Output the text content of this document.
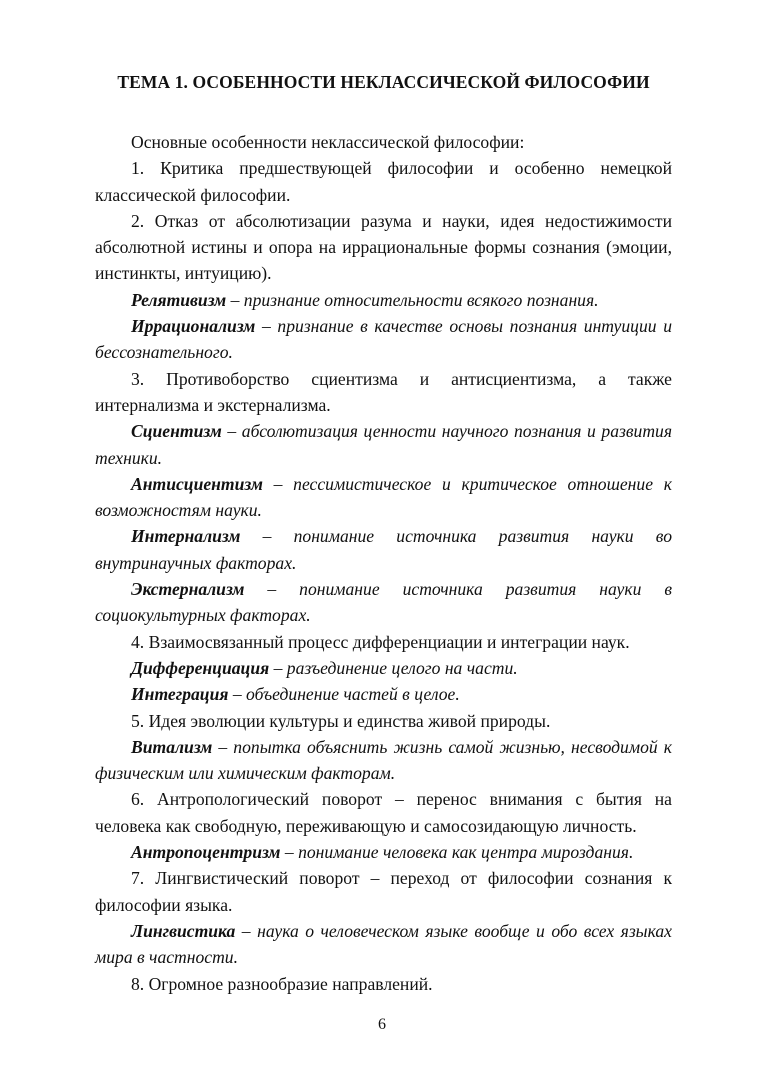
ТЕМА 1. ОСОБЕННОСТИ НЕКЛАССИЧЕСКОЙ ФИЛОСОФИИ

Основные особенности неклассической философии:

1. Критика предшествующей философии и особенно немецкой классической философии.

2. Отказ от абсолютизации разума и науки, идея недостижимости абсолютной истины и опора на иррациональные формы сознания (эмоции, инстинкты, интуицию).

Релятивизм – признание относительности всякого познания.

Иррационализм – признание в качестве основы познания интуиции и бессознательного.

3. Противоборство сциентизма и антисциентизма, а также интернализма и экстернализма.

Сциентизм – абсолютизация ценности научного познания и развития техники.

Антисциентизм – пессимистическое и критическое отношение к возможностям науки.

Интернализм – понимание источника развития науки во внутринаучных факторах.

Экстернализм – понимание источника развития науки в социокультурных факторах.

4. Взаимосвязанный процесс дифференциации и интеграции наук.

Дифференциация – разъединение целого на части.

Интеграция – объединение частей в целое.

5. Идея эволюции культуры и единства живой природы.

Витализм – попытка объяснить жизнь самой жизнью, несводимой к физическим или химическим факторам.

6. Антропологический поворот – перенос внимания с бытия на человека как свободную, переживающую и самосозидающую личность.

Антропоцентризм – понимание человека как центра мироздания.

7. Лингвистический поворот – переход от философии сознания к философии языка.

Лингвистика – наука о человеческом языке вообще и обо всех языках мира в частности.

8. Огромное разнообразие направлений.

6
